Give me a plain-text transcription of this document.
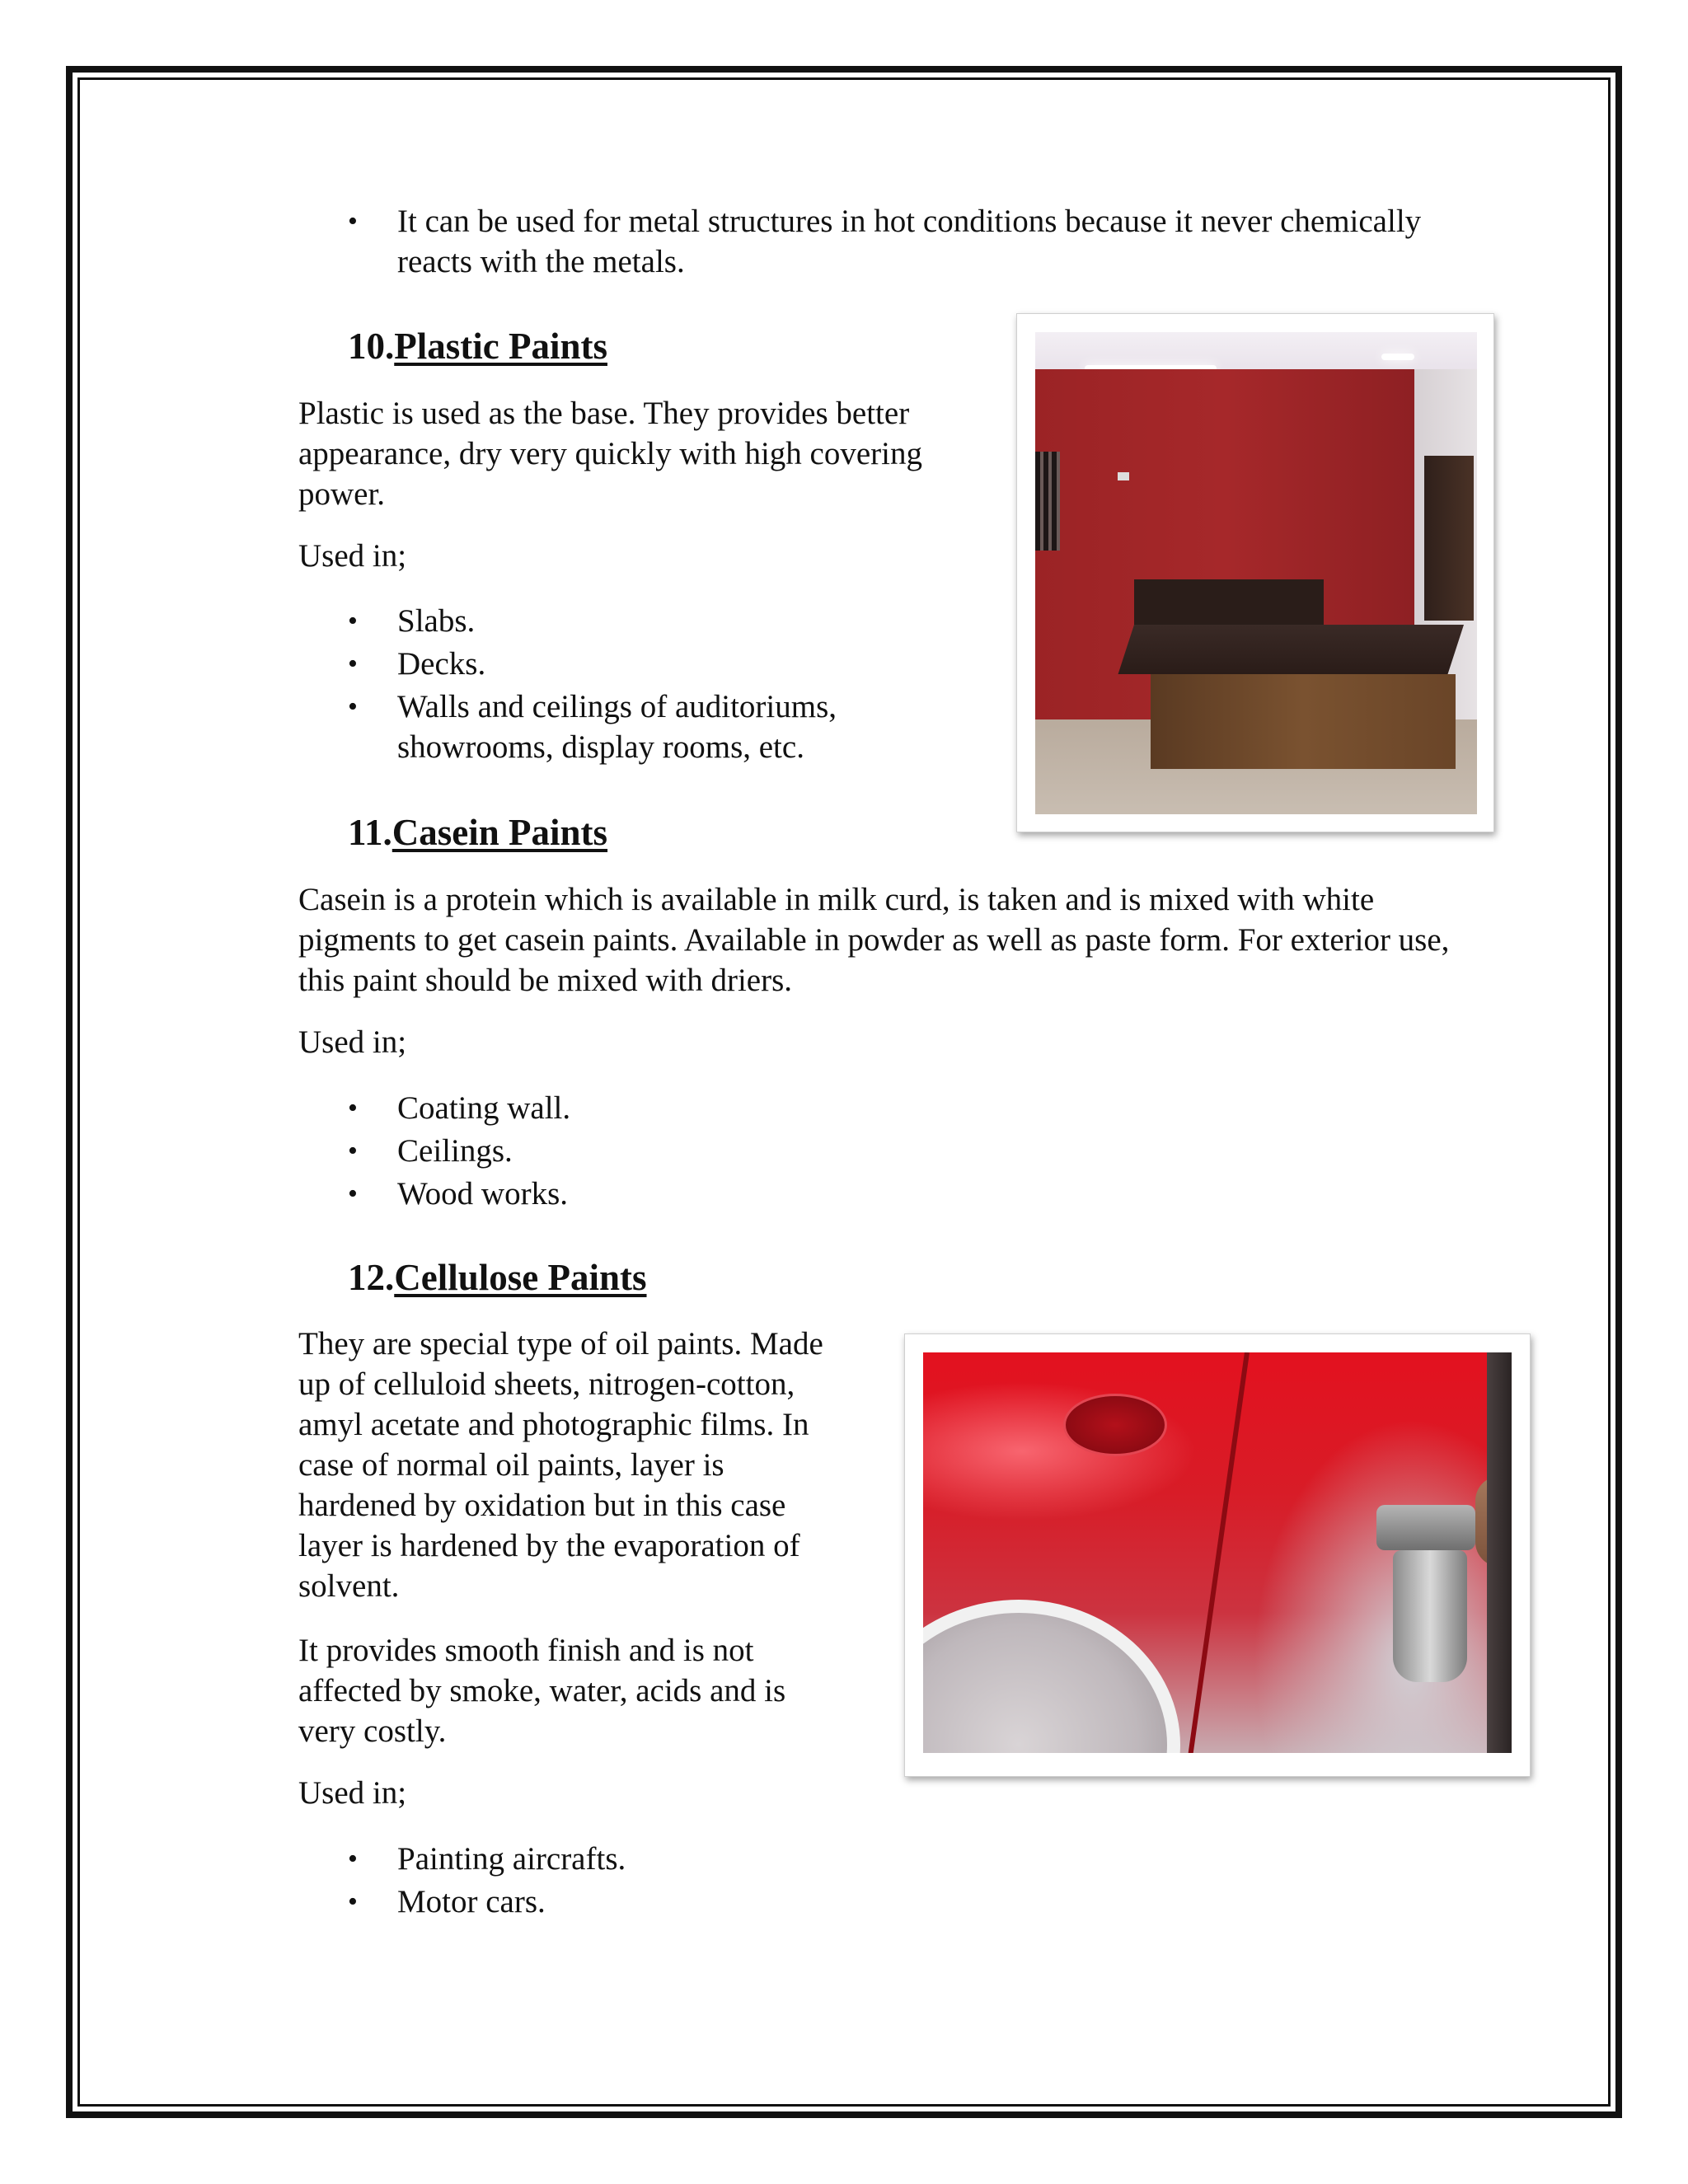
•	It can be used for metal structures in hot conditions because it never chemically
reacts with the metals.
10.Plastic Paints

Plastic is used as the base. They provides better

appearance, dry very quickly with high covering

power.

Used in;

•	Slabs.
•	Decks.
•	Walls and ceilings of auditoriums,
showrooms, display rooms, etc.
11.Casein Paints

Casein is a protein which is available in milk curd, is taken and is mixed with white

pigments to get casein paints. Available in powder as well as paste form. For exterior use,

this paint should be mixed with driers.

Used in;

•	Coating wall.
•	Ceilings.
•	Wood works.
12.Cellulose Paints

They are special type of oil paints. Made

up of celluloid sheets, nitrogen-cotton,

amyl acetate and photographic films. In

case of normal oil paints, layer is

hardened by oxidation but in this case

layer is hardened by the evaporation of

solvent.

It provides smooth finish and is not

affected by smoke, water, acids and is

very costly.

Used in;

•	Painting aircrafts.
•	Motor cars.
